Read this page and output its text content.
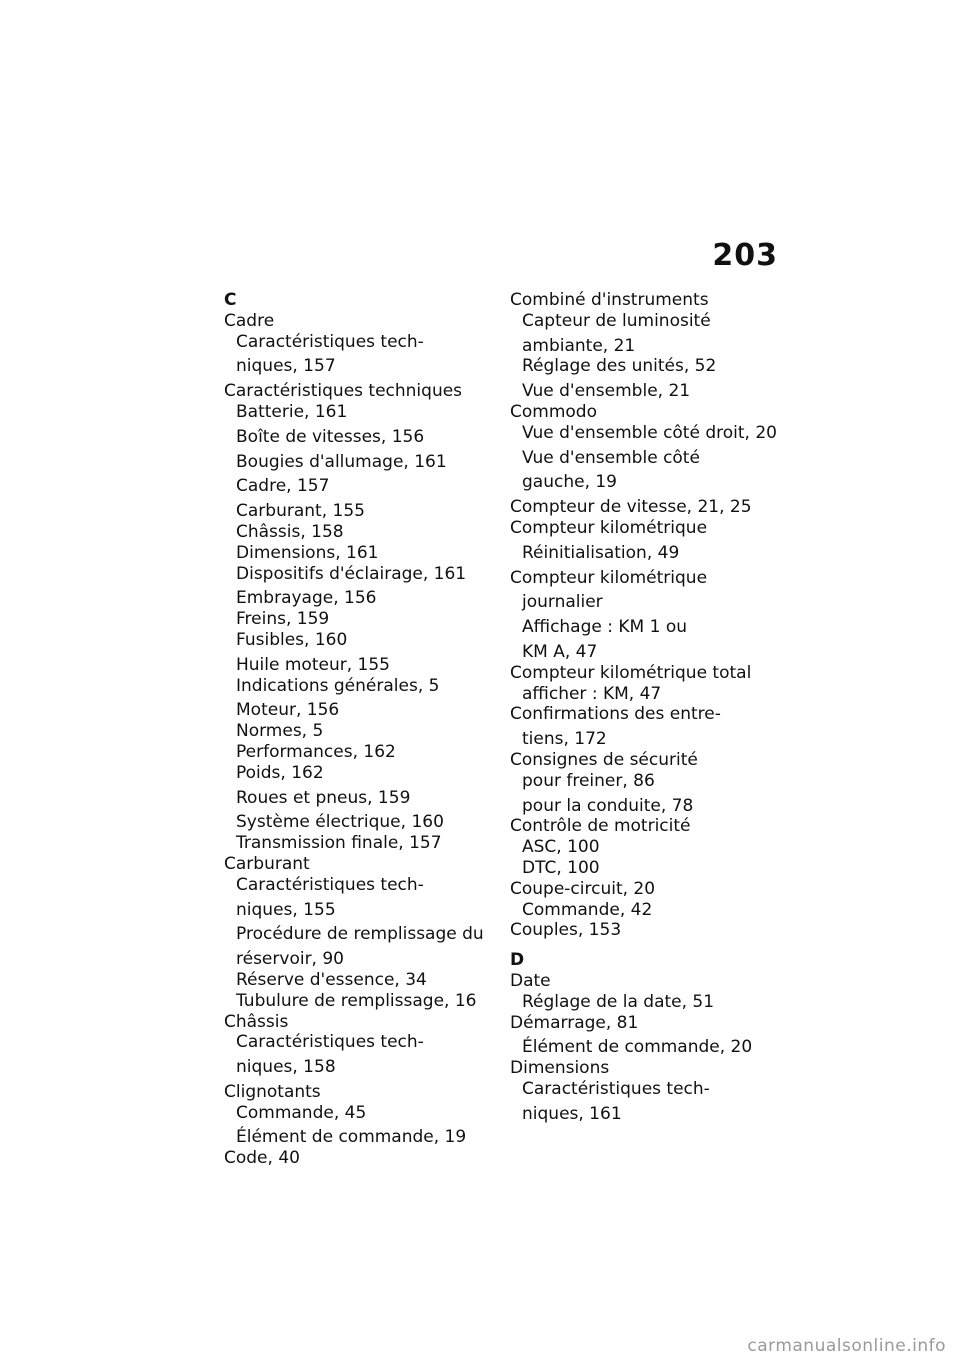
203
C
Cadre
Caractéristiques tech-
niques, 157
Caractéristiques techniques
Batterie, 161
Boîte de vitesses, 156
Bougies d'allumage, 161
Cadre, 157
Carburant, 155
Châssis, 158
Dimensions, 161
Dispositifs d'éclairage, 161
Embrayage, 156
Freins, 159
Fusibles, 160
Huile moteur, 155
Indications générales, 5
Moteur, 156
Normes, 5
Performances, 162
Poids, 162
Roues et pneus, 159
Système électrique, 160
Transmission finale, 157
Carburant
Caractéristiques tech-
niques, 155
Procédure de remplissage du
réservoir, 90
Réserve d'essence, 34
Tubulure de remplissage, 16
Châssis
Caractéristiques tech-
niques, 158
Clignotants
Commande, 45
Élément de commande, 19
Code, 40
Combiné d'instruments
Capteur de luminosité
ambiante, 21
Réglage des unités, 52
Vue d'ensemble, 21
Commodo
Vue d'ensemble côté droit, 20
Vue d'ensemble côté
gauche, 19
Compteur de vitesse, 21, 25
Compteur kilométrique
Réinitialisation, 49
Compteur kilométrique
journalier
Affichage : KM 1 ou
KM A, 47
Compteur kilométrique total
afficher : KM, 47
Confirmations des entre-
tiens, 172
Consignes de sécurité
pour freiner, 86
pour la conduite, 78
Contrôle de motricité
ASC, 100
DTC, 100
Coupe-circuit, 20
Commande, 42
Couples, 153
D
Date
Réglage de la date, 51
Démarrage, 81
Élément de commande, 20
Dimensions
Caractéristiques tech-
niques, 161
carmanualsonline.info
